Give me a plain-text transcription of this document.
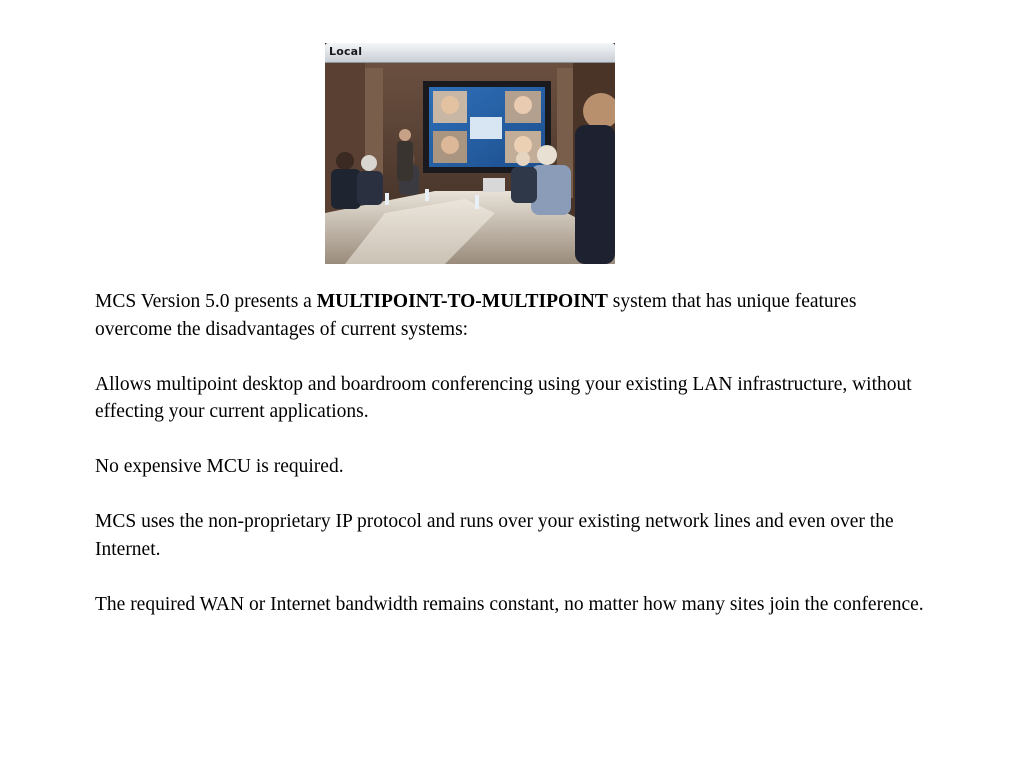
Local

MCS Version 5.0 presents a MULTIPOINT-TO-MULTIPOINT system that has unique features overcome the disadvantages of current systems:

Allows multipoint desktop and boardroom conferencing using your existing LAN infrastructure, without effecting your current applications.

No expensive MCU is required.

MCS uses the non-proprietary IP protocol and runs over your existing network lines and even over the Internet.

The required WAN or Internet bandwidth remains constant, no matter how many sites join the conference.
